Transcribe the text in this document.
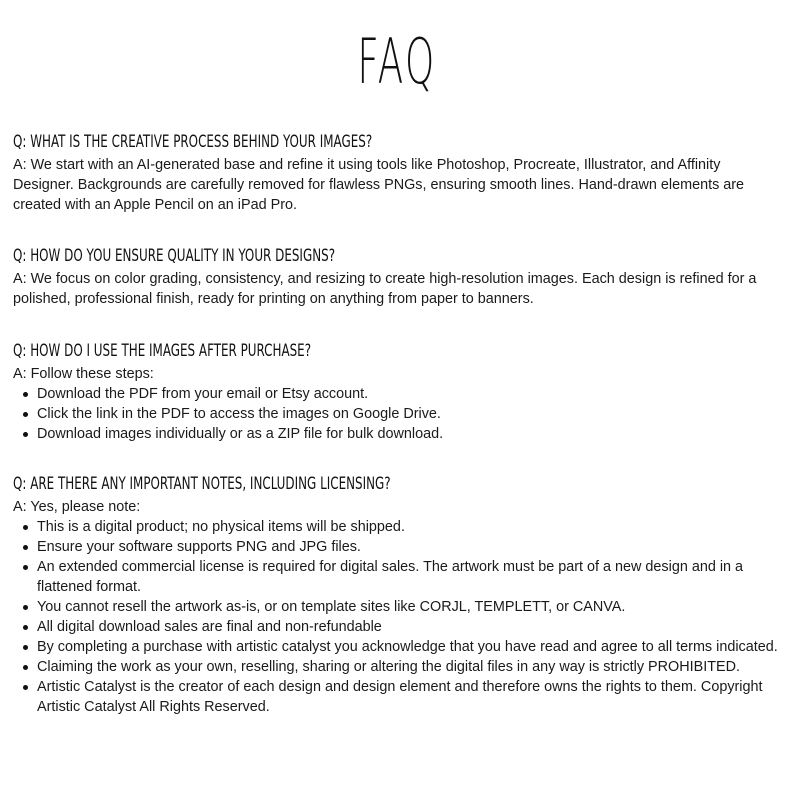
FAQ
Q: WHAT IS THE CREATIVE PROCESS BEHIND YOUR IMAGES?

A: We start with an AI-generated base and refine it using tools like Photoshop, Procreate, Illustrator, and Affinity Designer. Backgrounds are carefully removed for flawless PNGs, ensuring smooth lines. Hand-drawn elements are created with an Apple Pencil on an iPad Pro.

Q: HOW DO YOU ENSURE QUALITY IN YOUR DESIGNS?

A: We focus on color grading, consistency, and resizing to create high-resolution images. Each design is refined for a polished, professional finish, ready for printing on anything from paper to banners.

Q: HOW DO I USE THE IMAGES AFTER PURCHASE?

A: Follow these steps:

Download the PDF from your email or Etsy account.
Click the link in the PDF to access the images on Google Drive.
Download images individually or as a ZIP file for bulk download.
Q: ARE THERE ANY IMPORTANT NOTES, INCLUDING LICENSING?

A: Yes, please note:

This is a digital product; no physical items will be shipped.
Ensure your software supports PNG and JPG files.
An extended commercial license is required for digital sales. The artwork must be part of a new design and in a flattened format.
You cannot resell the artwork as-is, or on template sites like CORJL, TEMPLETT, or CANVA.
All digital download sales are final and non-refundable
By completing a purchase with artistic catalyst you acknowledge that you have read and agree to all terms indicated.
Claiming the work as your own, reselling, sharing or altering the digital files in any way is strictly PROHIBITED.
Artistic Catalyst is the creator of each design and design element and therefore owns the rights to them. Copyright Artistic Catalyst All Rights Reserved.
